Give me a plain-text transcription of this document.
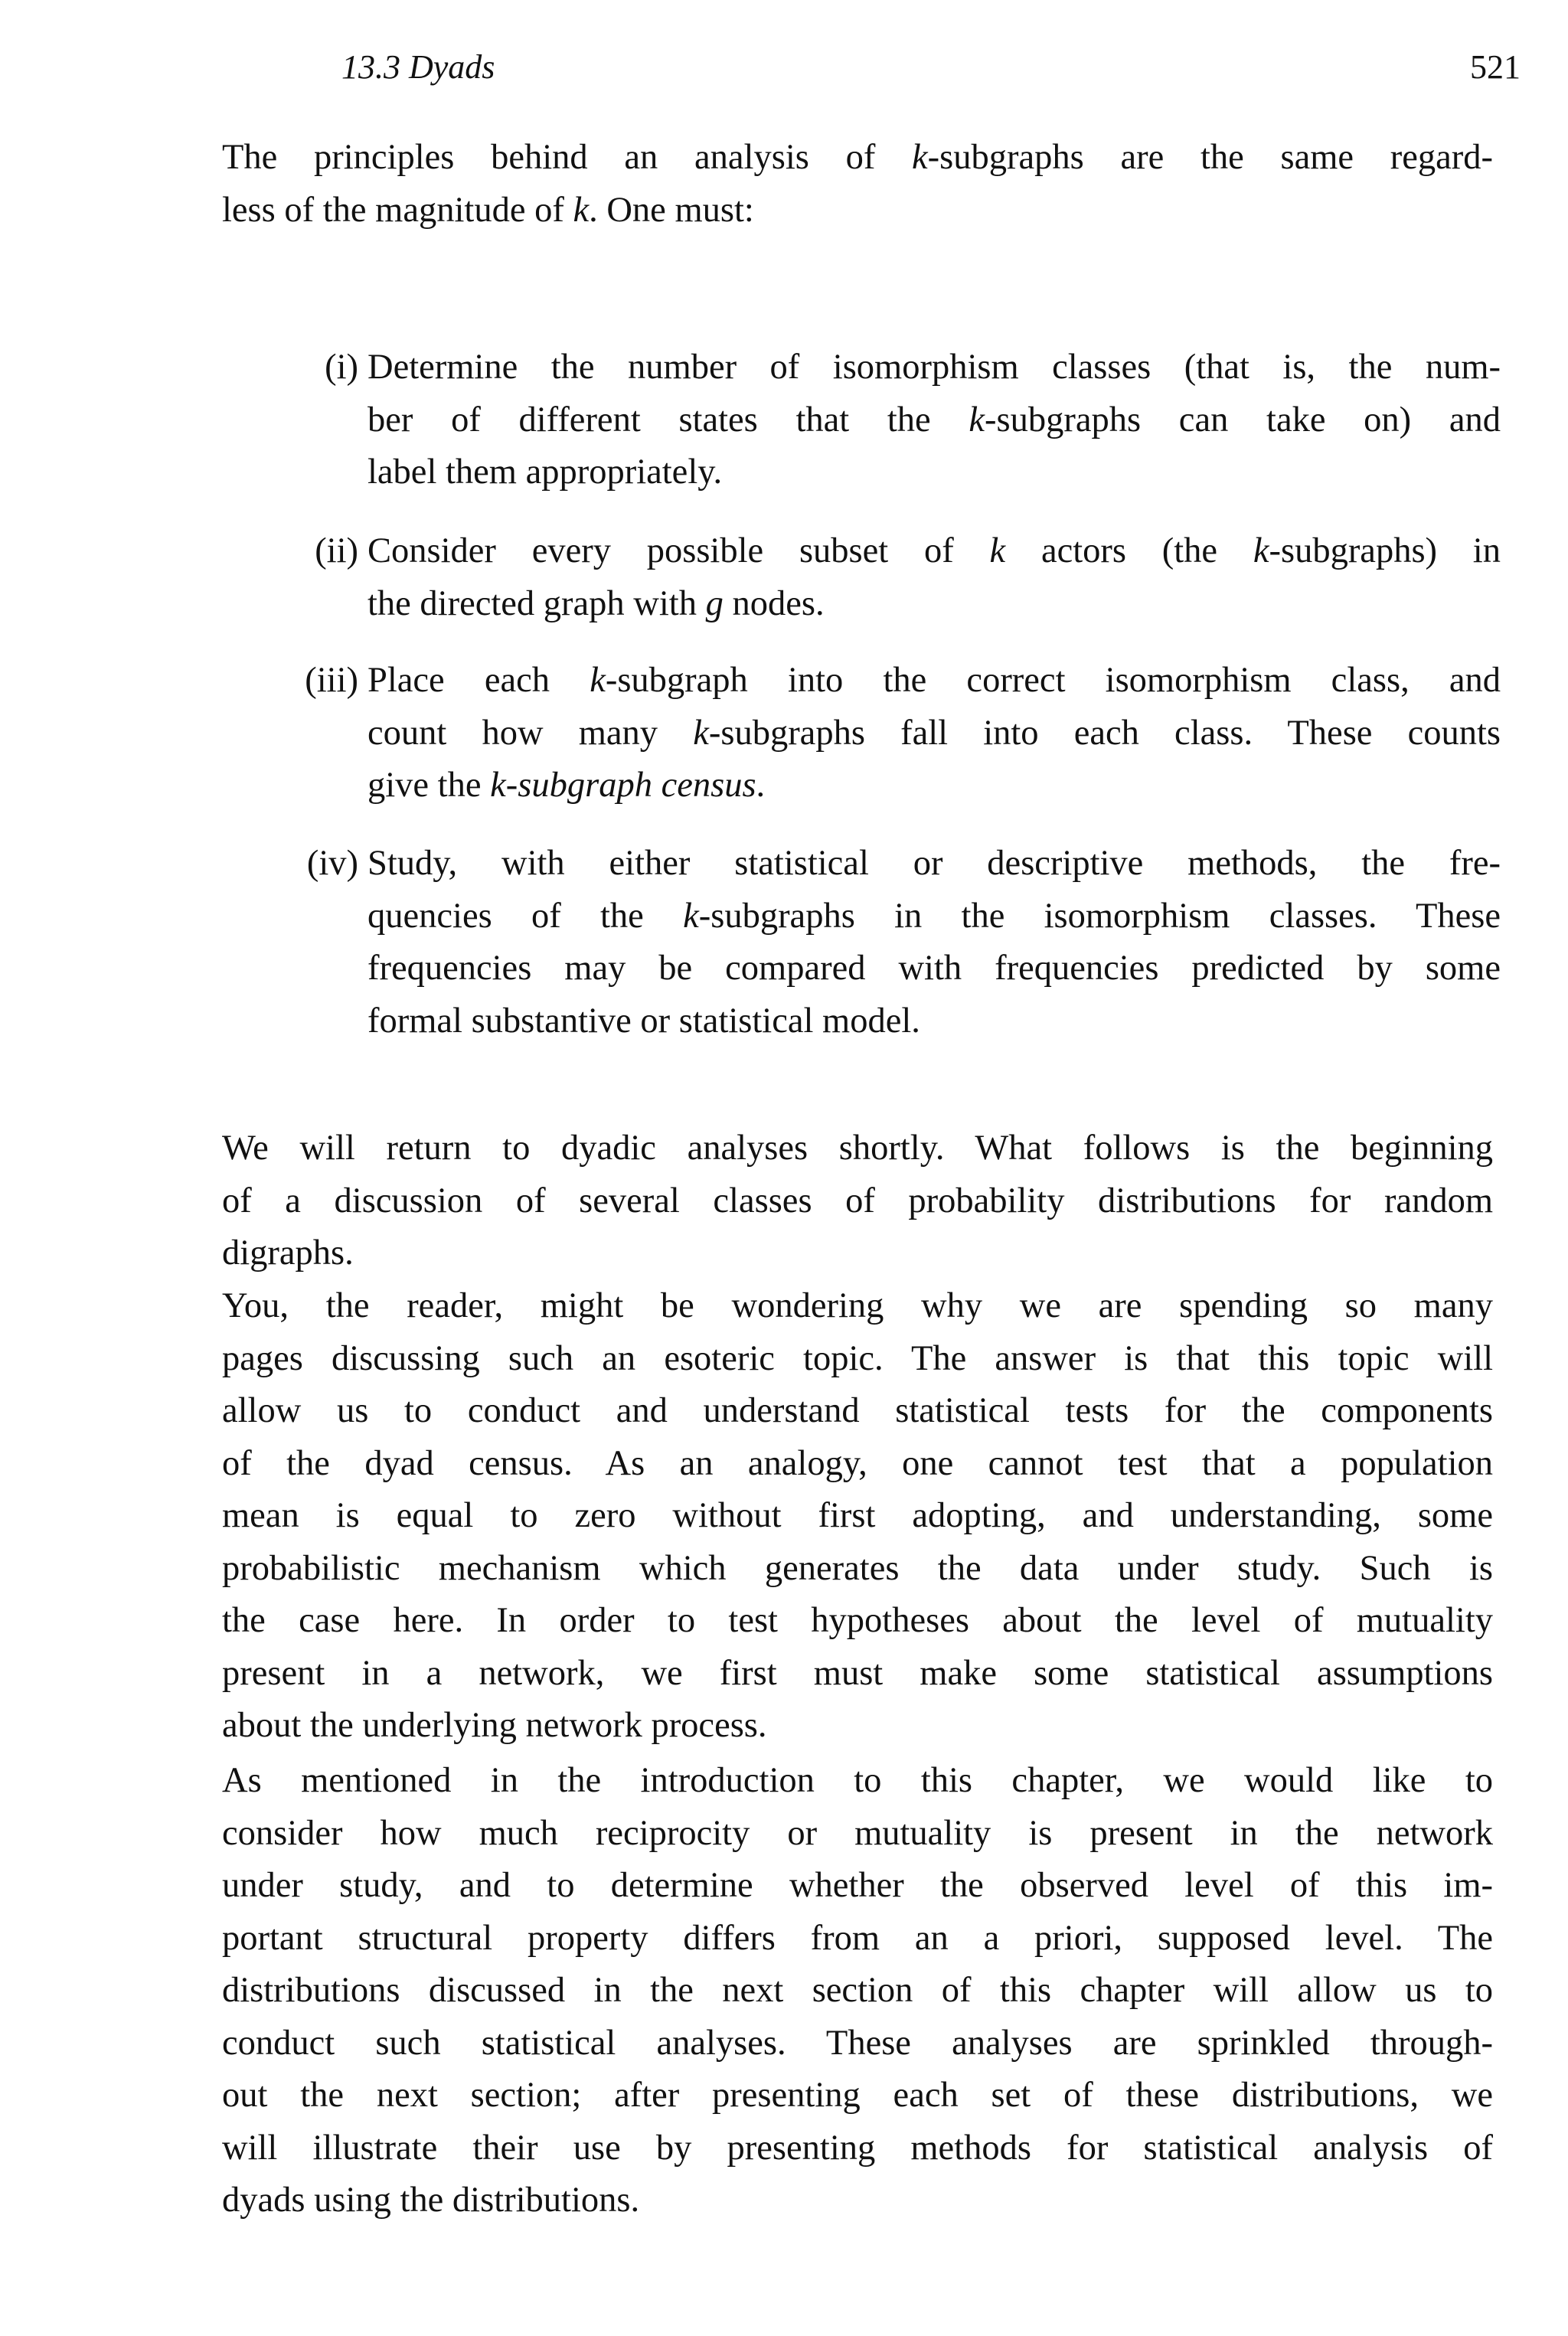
13.3 Dyads	521

The principles behind an analysis of k-subgraphs are the same regard-
less of the magnitude of k. One must:

(i) Determine the number of isomorphism classes (that is, the num-
ber of different states that the k-subgraphs can take on) and
label them appropriately.
(ii) Consider every possible subset of k actors (the k-subgraphs) in
the directed graph with g nodes.
(iii) Place each k-subgraph into the correct isomorphism class, and
count how many k-subgraphs fall into each class. These counts
give the k-subgraph census.
(iv) Study, with either statistical or descriptive methods, the fre-
quencies of the k-subgraphs in the isomorphism classes. These
frequencies may be compared with frequencies predicted by some
formal substantive or statistical model.

We will return to dyadic analyses shortly. What follows is the beginning
of a discussion of several classes of probability distributions for random
digraphs.

You, the reader, might be wondering why we are spending so many
pages discussing such an esoteric topic. The answer is that this topic will
allow us to conduct and understand statistical tests for the components
of the dyad census. As an analogy, one cannot test that a population
mean is equal to zero without first adopting, and understanding, some
probabilistic mechanism which generates the data under study. Such is
the case here. In order to test hypotheses about the level of mutuality
present in a network, we first must make some statistical assumptions
about the underlying network process.

As mentioned in the introduction to this chapter, we would like to
consider how much reciprocity or mutuality is present in the network
under study, and to determine whether the observed level of this im-
portant structural property differs from an a priori, supposed level. The
distributions discussed in the next section of this chapter will allow us to
conduct such statistical analyses. These analyses are sprinkled through-
out the next section; after presenting each set of these distributions, we
will illustrate their use by presenting methods for statistical analysis of
dyads using the distributions.
